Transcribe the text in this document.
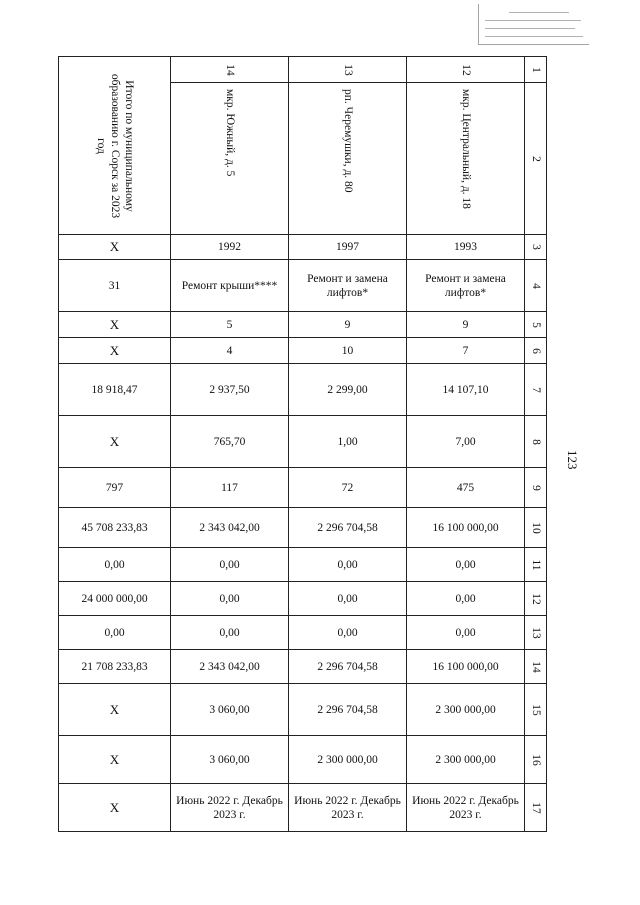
123
Итого по муниципальному образованию г. Сорск за 2023 год	14	13	12	1

	мкр. Южный, д. 5	рп. Черемушки, д. 80	мкр. Центральный, д. 18	2

Х	1992	1997	1993	3

31	Ремонт крыши****	Ремонт и замена лифтов*	Ремонт и замена лифтов*	4

Х	5	9	9	5

Х	4	10	7	6

18 918,47	2 937,50	2 299,00	14 107,10	7

Х	765,70	1,00	7,00	8

797	117	72	475	9

45 708 233,83	2 343 042,00	2 296 704,58	16 100 000,00	10

0,00	0,00	0,00	0,00	11

24 000 000,00	0,00	0,00	0,00	12

0,00	0,00	0,00	0,00	13

21 708 233,83	2 343 042,00	2 296 704,58	16 100 000,00	14

Х	3 060,00	2 296 704,58	2 300 000,00	15

Х	3 060,00	2 300 000,00	2 300 000,00	16

Х	Июнь 2022 г. Декабрь 2023 г.	Июнь 2022 г. Декабрь 2023 г.	Июнь 2022 г. Декабрь 2023 г.	17
